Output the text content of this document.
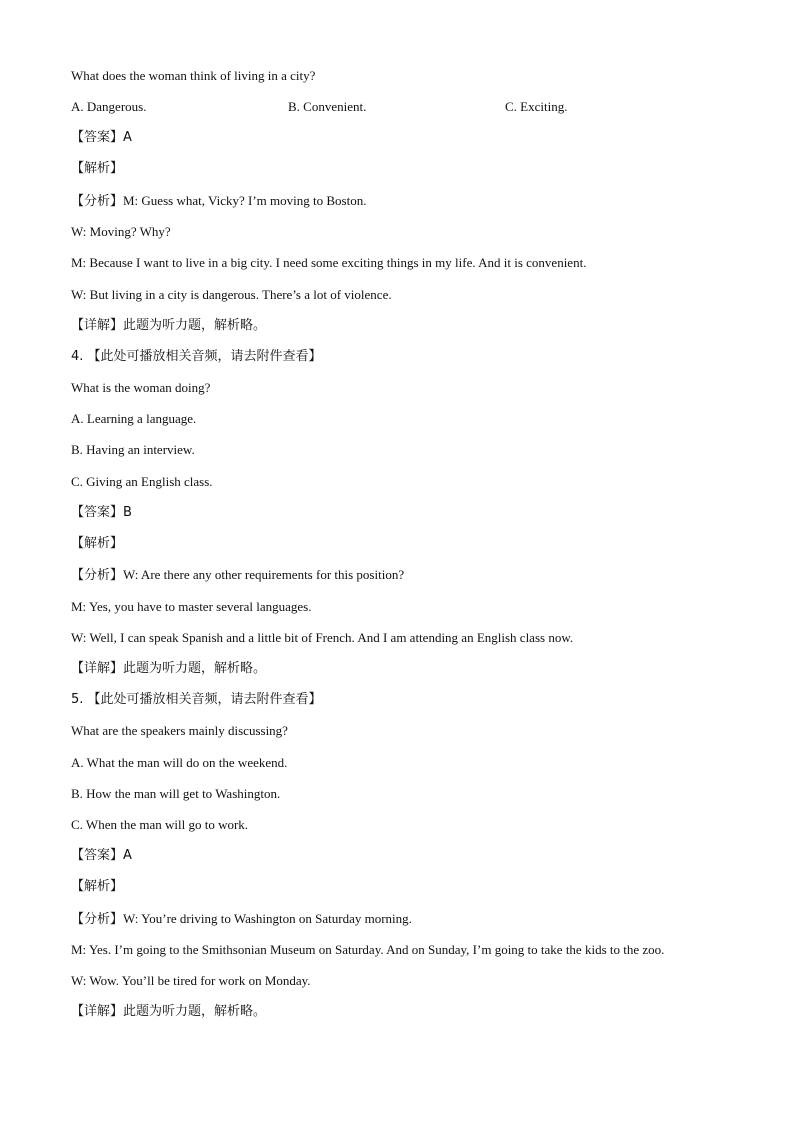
What does the woman think of living in a city?
A. Dangerous.	B. Convenient.	C. Exciting.
【答案】A
【解析】
【分析】M: Guess what, Vicky? I’m moving to Boston.
W: Moving? Why?
M: Because I want to live in a big city. I need some exciting things in my life. And it is convenient.
W: But living in a city is dangerous. There’s a lot of violence.
【详解】此题为听力题，解析略。
4. 【此处可播放相关音频，请去附件查看】
What is the woman doing?
A. Learning a language.
B. Having an interview.
C. Giving an English class.
【答案】B
【解析】
【分析】W: Are there any other requirements for this position?
M: Yes, you have to master several languages.
W: Well, I can speak Spanish and a little bit of French. And I am attending an English class now.
【详解】此题为听力题，解析略。
5. 【此处可播放相关音频，请去附件查看】
What are the speakers mainly discussing?
A. What the man will do on the weekend.
B. How the man will get to Washington.
C. When the man will go to work.
【答案】A
【解析】
【分析】W: You’re driving to Washington on Saturday morning.
M: Yes. I’m going to the Smithsonian Museum on Saturday. And on Sunday, I’m going to take the kids to the zoo.
W: Wow. You’ll be tired for work on Monday.
【详解】此题为听力题，解析略。
